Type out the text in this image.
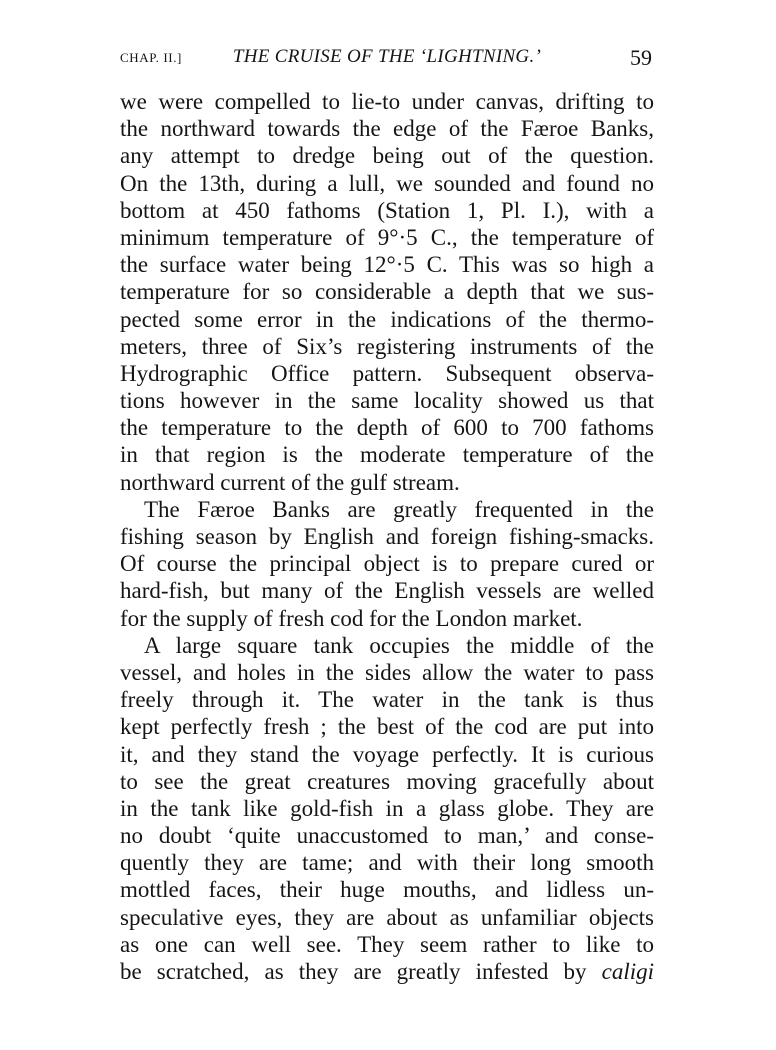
CHAP. II.]	THE CRUISE OF THE ‘LIGHTNING.’	59
we were compelled to lie-to under canvas, drifting to
the northward towards the edge of the Færoe Banks,
any attempt to dredge being out of the question.
On the 13th, during a lull, we sounded and found no
bottom at 450 fathoms (Station 1, Pl. I.), with a
minimum temperature of 9°·5 C., the temperature of
the surface water being 12°·5 C. This was so high a
temperature for so considerable a depth that we sus-
pected some error in the indications of the thermo-
meters, three of Six’s registering instruments of the
Hydrographic Office pattern. Subsequent observa-
tions however in the same locality showed us that
the temperature to the depth of 600 to 700 fathoms
in that region is the moderate temperature of the
northward current of the gulf stream.
The Færoe Banks are greatly frequented in the
fishing season by English and foreign fishing-smacks.
Of course the principal object is to prepare cured or
hard-fish, but many of the English vessels are welled
for the supply of fresh cod for the London market.
A large square tank occupies the middle of the
vessel, and holes in the sides allow the water to pass
freely through it. The water in the tank is thus
kept perfectly fresh ; the best of the cod are put into
it, and they stand the voyage perfectly. It is curious
to see the great creatures moving gracefully about
in the tank like gold-fish in a glass globe. They are
no doubt ‘quite unaccustomed to man,’ and conse-
quently they are tame; and with their long smooth
mottled faces, their huge mouths, and lidless un-
speculative eyes, they are about as unfamiliar objects
as one can well see. They seem rather to like to
be scratched, as they are greatly infested by caligi
